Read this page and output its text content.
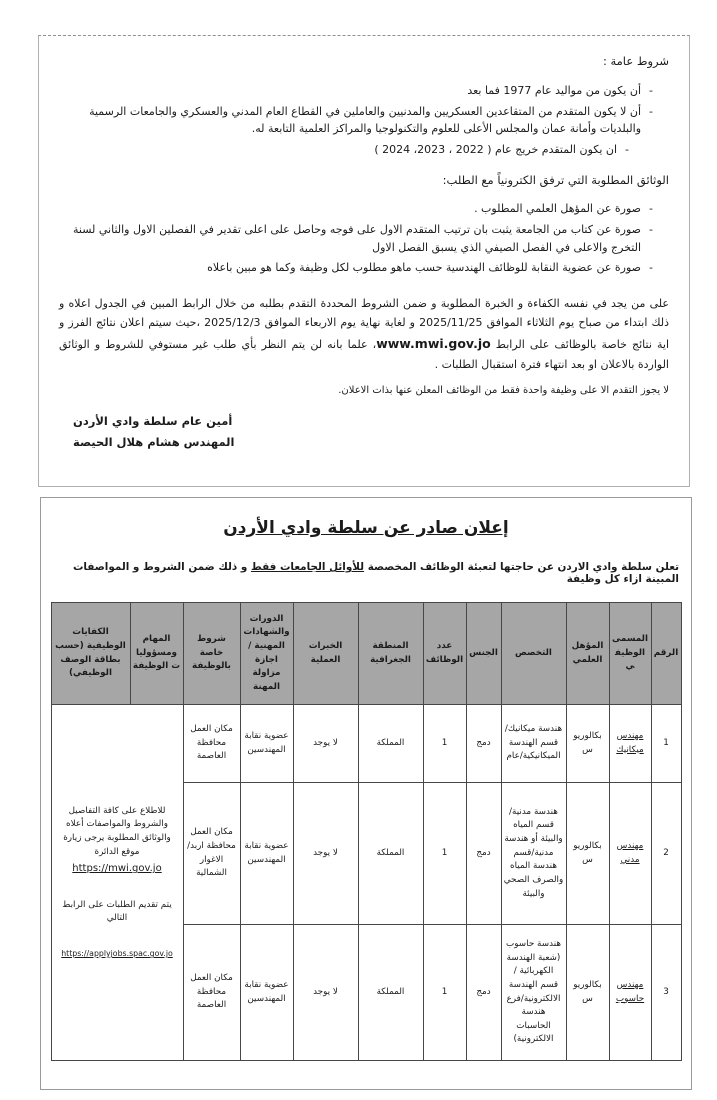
شروط عامة :
-
أن يكون من مواليد عام 1977 فما بعد
-
أن لا يكون المتقدم من المتقاعدين العسكريين والمدنيين والعاملين في القطاع العام المدني والعسكري والجامعات الرسمية والبلديات وأمانة عمان والمجلس الأعلى للعلوم والتكنولوجيا والمراكز العلمية التابعة له.
-
ان يكون المتقدم خريج عام ( 2022 ، 2023، 2024 )
الوثائق المطلوبة التي ترفق الكترونياً مع الطلب:
-
صورة عن المؤهل العلمي المطلوب .
-
صورة عن كتاب من الجامعة يثبت بان ترتيب المتقدم الاول على فوجه وحاصل على اعلى تقدير في الفصلين الاول والثاني لسنة التخرج والاعلى في الفصل الصيفي الذي يسبق الفصل الاول
-
صورة عن عضوية النقابة للوظائف الهندسية حسب ماهو مطلوب لكل وظيفة وكما هو مبين باعلاه

على من يجد في نفسه الكفاءة و الخبرة المطلوبة و ضمن الشروط المحددة التقدم بطلبه من خلال الرابط المبين في الجدول اعلاه و ذلك ابتداء من صباح يوم الثلاثاء الموافق 2025/11/25 و لغاية نهاية يوم الاربعاء الموافق 2025/12/3 ،حيث سيتم اعلان نتائج الفرز و اية نتائج خاصة بالوظائف على الرابط www.mwi.gov.jo، علما بانه لن يتم النظر بأي طلب غير مستوفي للشروط و الوثائق الواردة بالاعلان او بعد انتهاء فترة استقبال الطلبات .

لا يجوز التقدم الا على وظيفة واحدة فقط من الوظائف المعلن عنها بذات الاعلان.
أمين عام سلطة وادي الأردن
المهندس هشام هلال الحيصة
إعلان صادر عن سلطة وادي الأردن
تعلن سلطة وادي الاردن عن حاجتها لتعبئة الوظائف المخصصة للأوائل الجامعات فقط و ذلك ضمن الشروط و المواصفات المبينة ازاء كل وظيفة
الرقم	المسمى الوظيفي	المؤهل العلمي	التخصص	الجنس	عدد الوظائف	المنطقة الجغرافية	الخبرات العملية	الدورات والشهادات المهنية /اجازة مزاولة المهنة	شروط خاصة بالوظيفة	المهام ومسؤوليات الوظيفة	الكفايات الوظيفية (حسب بطاقة الوصف الوظيفي)
1	مهندس ميكانيك	بكالوريوس	هندسة ميكانيك/قسم الهندسة الميكانيكية/عام	دمج	1	المملكة	لا يوجد	عضوية نقابة المهندسين	مكان العمل محافظة العاصمة	للاطلاع على كافة التفاصيل والشروط والمواصفات أعلاه والوثائق المطلوبة يرجى زيارة موقع الدائرة
https://mwi.gov.jo
يتم تقديم الطلبات على الرابط التالي
https://applyjobs.spac.gov.jo	

2	مهندس مدني	بكالوريوس	هندسة مدنية/قسم المياه والبيئة أو هندسة مدنية/قسم هندسة المياه والصرف الصحي والبيئة	دمج	1	المملكة	لا يوجد	عضوية نقابة المهندسين	مكان العمل محافظة اربد/الاغوار الشمالية		
3	مهندس حاسوب	بكالوريوس	هندسة حاسوب (شعبة الهندسة الكهربائية / قسم الهندسة الالكترونية/فرع هندسة الحاسبات الالكترونية)	دمج	1	المملكة	لا يوجد	عضوية نقابة المهندسين	مكان العمل محافظة العاصمة		
